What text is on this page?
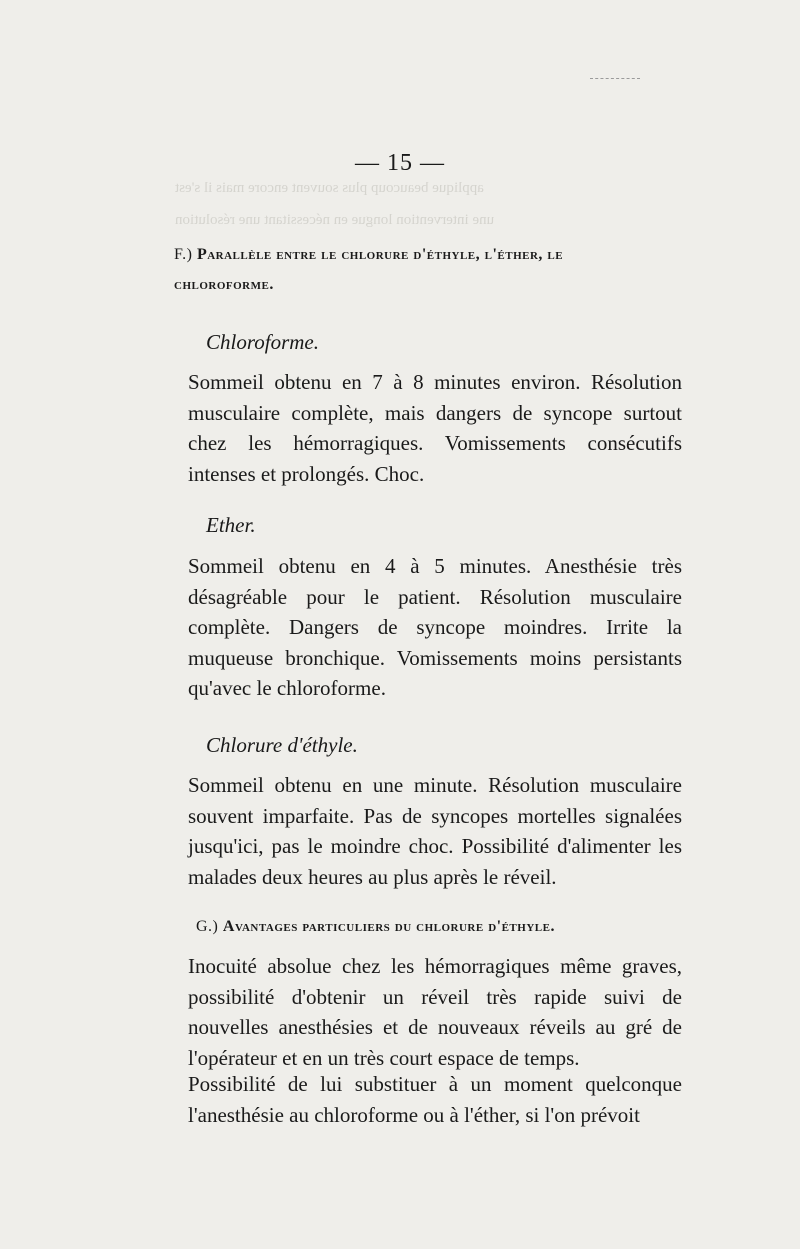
applique beaucoup plus souvent encore mais il s'est
une intervention longue en nécessitant une résolution
— 15 —
F.) Parallèle entre le chlorure d'éthyle, l'éther, le
chloroforme.
Chloroforme.
Sommeil obtenu en 7 à 8 minutes environ. Résolution musculaire complète, mais dangers de syncope surtout chez les hémorragiques. Vomissements consécutifs intenses et prolongés. Choc.
Ether.
Sommeil obtenu en 4 à 5 minutes. Anesthésie très désagréable pour le patient. Résolution musculaire complète. Dangers de syncope moindres. Irrite la muqueuse bronchique. Vomissements moins persistants qu'avec le chloroforme.
Chlorure d'éthyle.
Sommeil obtenu en une minute. Résolution musculaire souvent imparfaite. Pas de syncopes mortelles signalées jusqu'ici, pas le moindre choc. Possibilité d'alimenter les malades deux heures au plus après le réveil.
G.) Avantages particuliers du chlorure d'éthyle.
Inocuité absolue chez les hémorragiques même graves, possibilité d'obtenir un réveil très rapide suivi de nouvelles anesthésies et de nouveaux réveils au gré de l'opérateur et en un très court espace de temps.
Possibilité de lui substituer à un moment quelconque l'anesthésie au chloroforme ou à l'éther, si l'on prévoit
